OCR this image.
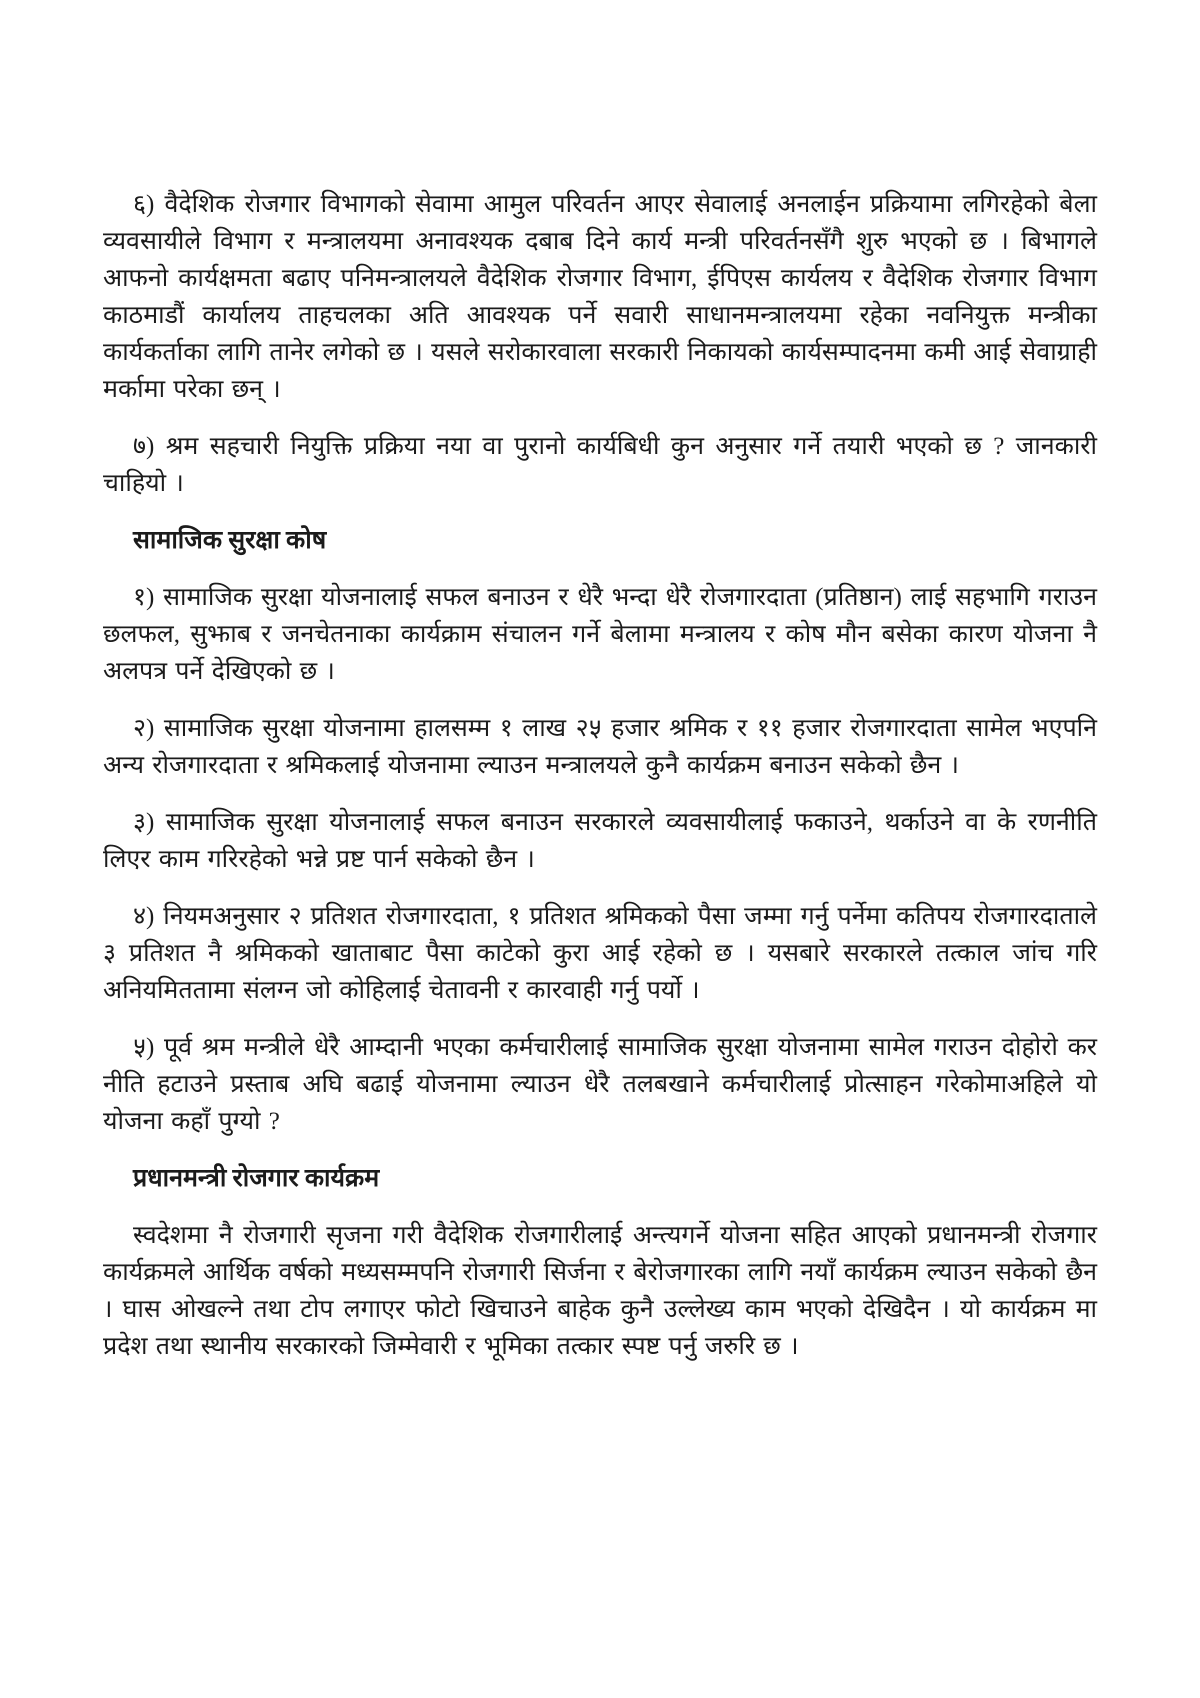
६) वैदेशिक रोजगार विभागको सेवामा आमुल परिवर्तन आएर सेवालाई अनलाईन प्रक्रियामा लगिरहेको बेला व्यवसायीले विभाग र मन्त्रालयमा अनावश्यक दबाब दिने कार्य मन्त्री परिवर्तनसँगै शुरु भएको छ । बिभागले आफनो कार्यक्षमता बढाए पनिमन्त्रालयले वैदेशिक रोजगार विभाग, ईपिएस कार्यलय र वैदेशिक रोजगार विभाग काठमाडौं कार्यालय ताहचलका अति आवश्यक पर्ने सवारी साधानमन्त्रालयमा रहेका नवनियुक्त मन्त्रीका कार्यकर्ताका लागि तानेर लगेको छ । यसले सरोकारवाला सरकारी निकायको कार्यसम्पादनमा कमी आई सेवाग्राही मर्कामा परेका छन् ।

७) श्रम सहचारी नियुक्ति प्रक्रिया नया वा पुरानो कार्यबिधी कुन अनुसार गर्ने तयारी भएको छ ? जानकारी चाहियो ।

सामाजिक सुरक्षा कोष

१) सामाजिक सुरक्षा योजनालाई सफल बनाउन र धेरै भन्दा धेरै रोजगारदाता (प्रतिष्ठान) लाई सहभागि गराउन छलफल, सुझाब र जनचेतनाका कार्यक्राम संचालन गर्ने बेलामा मन्त्रालय र कोष मौन बसेका कारण योजना नै अलपत्र पर्ने देखिएको छ ।

२) सामाजिक सुरक्षा योजनामा हालसम्म १ लाख २५ हजार श्रमिक र ११ हजार रोजगारदाता सामेल भएपनि अन्य रोजगारदाता र श्रमिकलाई योजनामा ल्याउन मन्त्रालयले कुनै कार्यक्रम बनाउन सकेको छैन ।

३) सामाजिक सुरक्षा योजनालाई सफल बनाउन सरकारले व्यवसायीलाई फकाउने, थर्काउने वा के रणनीति लिएर काम गरिरहेको भन्ने प्रष्ट पार्न सकेको छैन ।

४) नियमअनुसार २ प्रतिशत रोजगारदाता, १ प्रतिशत श्रमिकको पैसा जम्मा गर्नु पर्नेमा कतिपय रोजगारदाताले ३ प्रतिशत नै श्रमिकको खाताबाट पैसा काटेको कुरा आई रहेको छ । यसबारे सरकारले तत्काल जांच गरि अनियमिततामा संलग्न जो कोहिलाई चेतावनी र कारवाही गर्नु पर्यो ।

५) पूर्व श्रम मन्त्रीले धेरै आम्दानी भएका कर्मचारीलाई सामाजिक सुरक्षा योजनामा सामेल गराउन दोहोरो कर नीति हटाउने प्रस्ताब अघि बढाई योजनामा ल्याउन धेरै तलबखाने कर्मचारीलाई प्रोत्साहन गरेकोमाअहिले यो योजना कहाँ पुग्यो ?

प्रधानमन्त्री रोजगार कार्यक्रम

स्वदेशमा नै रोजगारी सृजना गरी वैदेशिक रोजगारीलाई अन्त्यगर्ने योजना सहित आएको प्रधानमन्त्री रोजगार कार्यक्रमले आर्थिक वर्षको मध्यसम्मपनि रोजगारी सिर्जना र बेरोजगारका लागि नयाँ कार्यक्रम ल्याउन सकेको छैन । घास ओखल्ने तथा टोप लगाएर फोटो खिचाउने बाहेक कुनै उल्लेख्य काम भएको देखिदैन । यो कार्यक्रम मा प्रदेश तथा स्थानीय सरकारको जिम्मेवारी र भूमिका तत्कार स्पष्ट पर्नु जरुरि छ ।
